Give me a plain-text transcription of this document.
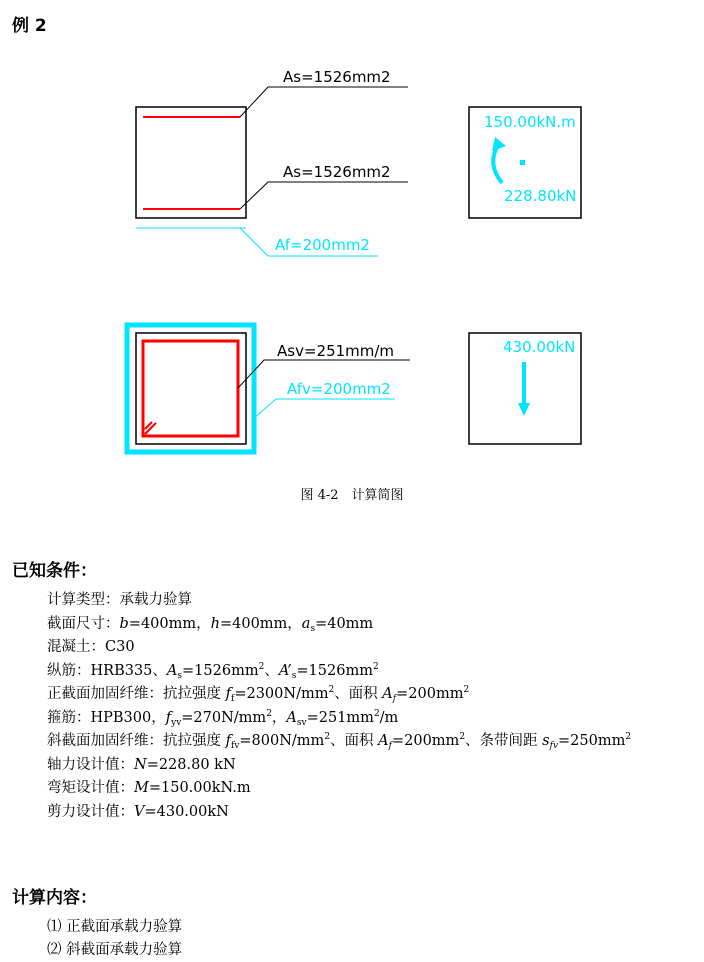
例 2
As=1526mm2
As=1526mm2
Af=200mm2
150.00kN.m
228.80kN
Asv=251mm/m
Afv=200mm2
430.00kN
图 4-2　计算简图
已知条件：
计算类型：承载力验算
截面尺寸：b=400mm，h=400mm，$a_s=40mm$
混凝土：C30
纵筋：HRB335、$A_s=1526mm^2$、$A’_s=1526mm^2$
正截面加固纤维：抗拉强度 $f_f=2300N/mm^2$、面积 $A_f=200mm^2$
箍筋：HPB300，$f_{yv}=270N/mm^2$，$A_{sv}=251mm^2/m$
斜截面加固纤维：抗拉强度 $f_{fv}=800N/mm^2$、面积 $A_f=200mm^2$、条带间距 $s_{fv}=250mm^2$
轴力设计值：N=228.80 kN
弯矩设计值：M=150.00kN.m
剪力设计值：V=430.00kN
计算内容：
⑴ 正截面承载力验算
⑵ 斜截面承载力验算
